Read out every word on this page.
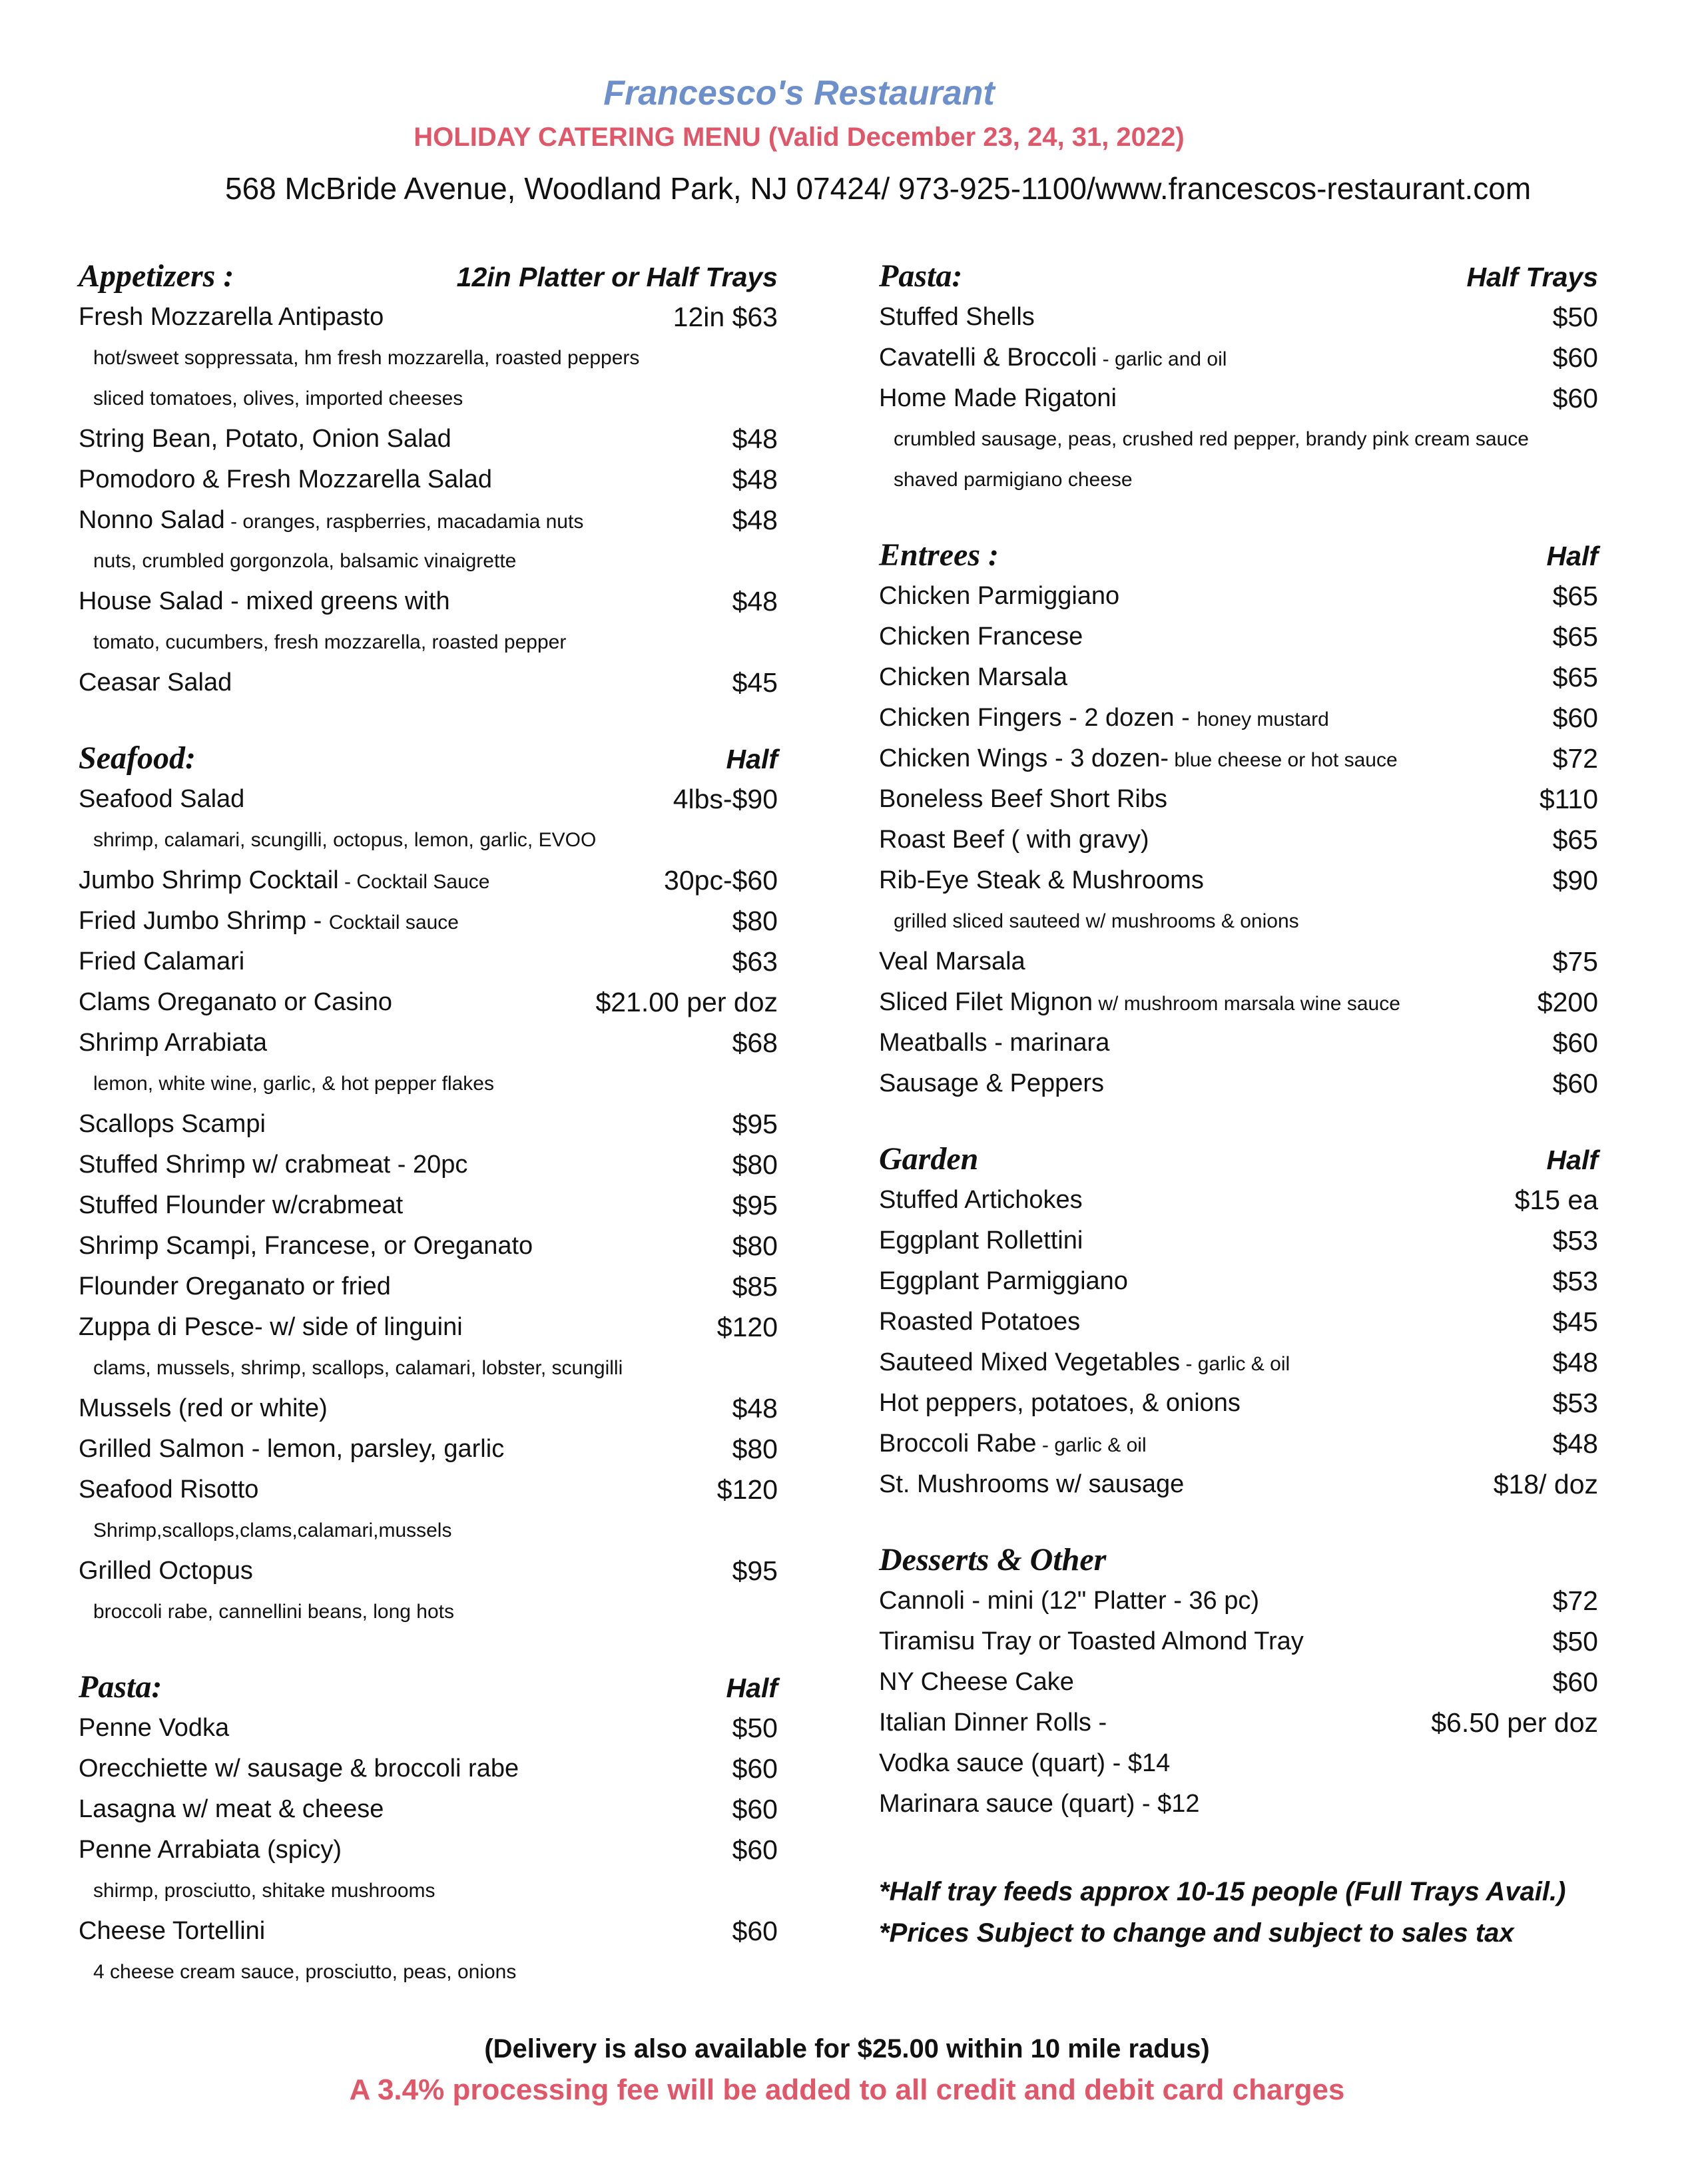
Francesco's Restaurant
HOLIDAY CATERING MENU (Valid December 23, 24, 31, 2022)
568 McBride Avenue, Woodland Park, NJ 07424/ 973-925-1100/www.francescos-restaurant.com
Appetizers :	12in Platter or Half Trays
Fresh Mozzarella Antipasto	12in $63
hot/sweet soppressata, hm fresh mozzarella, roasted peppers
sliced tomatoes, olives, imported cheeses
String Bean, Potato, Onion Salad	$48
Pomodoro & Fresh Mozzarella Salad	$48
Nonno Salad - oranges, raspberries, macadamia nuts	$48
nuts, crumbled gorgonzola, balsamic vinaigrette
House Salad - mixed greens with	$48
tomato, cucumbers, fresh mozzarella, roasted pepper
Ceasar Salad	$45
Seafood:	Half
Seafood Salad	4lbs-$90
shrimp, calamari, scungilli, octopus, lemon, garlic, EVOO
Jumbo Shrimp Cocktail - Cocktail Sauce	30pc-$60
Fried Jumbo Shrimp - Cocktail sauce	$80
Fried Calamari	$63
Clams Oreganato or Casino	$21.00 per doz
Shrimp Arrabiata	$68
lemon, white wine, garlic, & hot pepper flakes
Scallops Scampi	$95
Stuffed Shrimp w/ crabmeat - 20pc	$80
Stuffed Flounder w/crabmeat	$95
Shrimp Scampi, Francese, or Oreganato	$80
Flounder Oreganato or fried	$85
Zuppa di Pesce- w/ side of linguini	$120
clams, mussels, shrimp, scallops, calamari, lobster, scungilli
Mussels (red or white)	$48
Grilled Salmon - lemon, parsley, garlic	$80
Seafood Risotto	$120
Shrimp,scallops,clams,calamari,mussels
Grilled Octopus	$95
broccoli rabe, cannellini beans, long hots
Pasta:	Half
Penne Vodka	$50
Orecchiette w/ sausage & broccoli rabe	$60
Lasagna w/ meat & cheese	$60
Penne Arrabiata (spicy)	$60
shirmp, prosciutto, shitake mushrooms
Cheese Tortellini	$60
4 cheese cream sauce, prosciutto, peas, onions
Pasta:	Half Trays
Stuffed Shells	$50
Cavatelli & Broccoli - garlic and oil	$60
Home Made Rigatoni	$60
crumbled sausage, peas, crushed red pepper, brandy pink cream sauce
shaved parmigiano cheese
Entrees :	Half
Chicken Parmiggiano	$65
Chicken Francese	$65
Chicken Marsala	$65
Chicken Fingers - 2 dozen - honey mustard	$60
Chicken Wings - 3 dozen- blue cheese or hot sauce	$72
Boneless Beef Short Ribs	$110
Roast Beef ( with gravy)	$65
Rib-Eye Steak & Mushrooms	$90
grilled sliced sauteed w/ mushrooms & onions
Veal Marsala	$75
Sliced Filet Mignon w/ mushroom marsala wine sauce	$200
Meatballs - marinara	$60
Sausage & Peppers	$60
Garden	Half
Stuffed Artichokes	$15 ea
Eggplant Rollettini	$53
Eggplant Parmiggiano	$53
Roasted Potatoes	$45
Sauteed Mixed Vegetables - garlic & oil	$48
Hot peppers, potatoes, & onions	$53
Broccoli Rabe - garlic & oil	$48
St. Mushrooms w/ sausage	$18/ doz
Desserts & Other
Cannoli - mini (12" Platter - 36 pc)	$72
Tiramisu Tray or Toasted Almond Tray	$50
NY Cheese Cake	$60
Italian Dinner Rolls -	$6.50 per doz
Vodka sauce (quart) - $14
Marinara sauce (quart) - $12
*Half tray feeds approx 10-15 people (Full Trays Avail.)
*Prices Subject to change and subject to sales tax
(Delivery is also available for $25.00 within 10 mile radus)
A 3.4% processing fee will be added to all credit and debit card charges
